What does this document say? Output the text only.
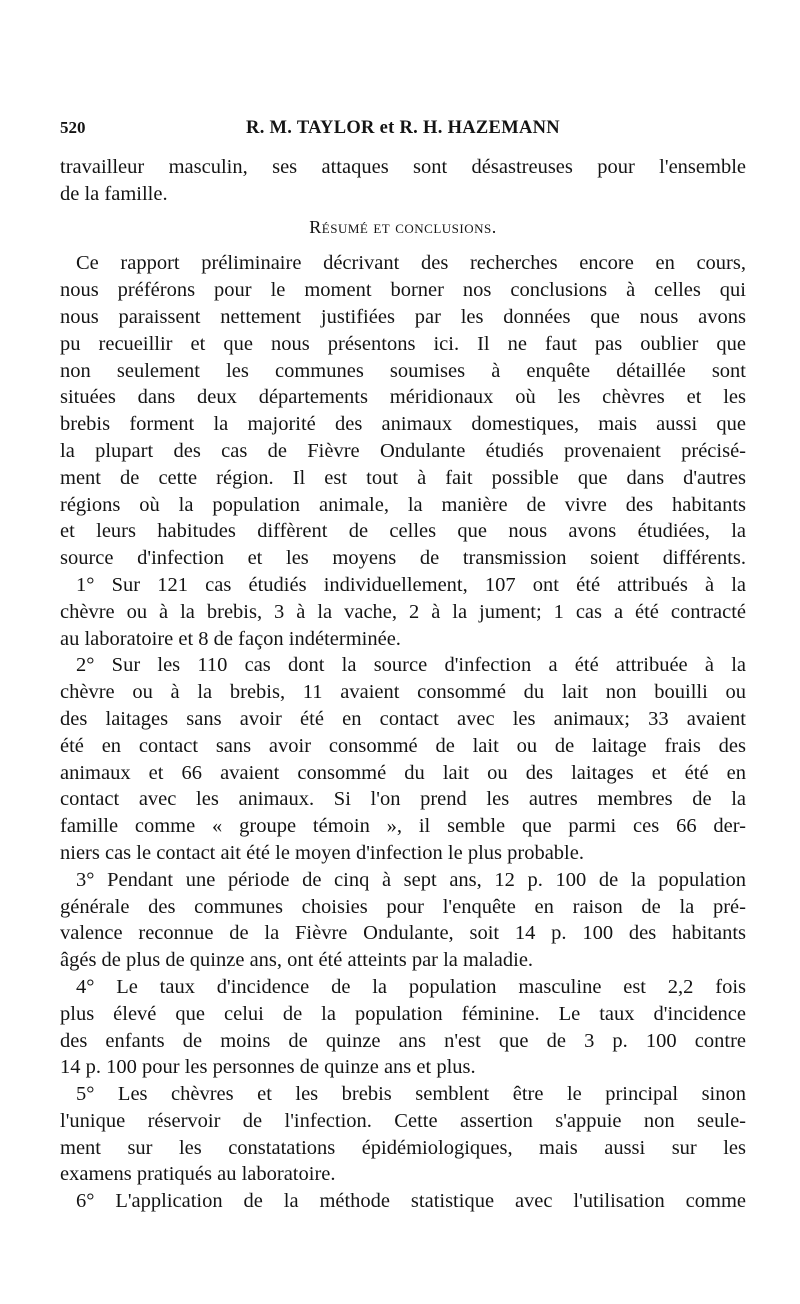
520	R. M. TAYLOR et R. H. HAZEMANN
travailleur masculin, ses attaques sont désastreuses pour l'ensemble
de la famille.
Résumé et conclusions.
Ce rapport préliminaire décrivant des recherches encore en cours,
nous préférons pour le moment borner nos conclusions à celles qui
nous paraissent nettement justifiées par les données que nous avons
pu recueillir et que nous présentons ici. Il ne faut pas oublier que
non seulement les communes soumises à enquête détaillée sont
situées dans deux départements méridionaux où les chèvres et les
brebis forment la majorité des animaux domestiques, mais aussi que
la plupart des cas de Fièvre Ondulante étudiés provenaient précisé-
ment de cette région. Il est tout à fait possible que dans d'autres
régions où la population animale, la manière de vivre des habitants
et leurs habitudes diffèrent de celles que nous avons étudiées, la
source d'infection et les moyens de transmission soient différents.
1° Sur 121 cas étudiés individuellement, 107 ont été attribués à la
chèvre ou à la brebis, 3 à la vache, 2 à la jument; 1 cas a été contracté
au laboratoire et 8 de façon indéterminée.
2° Sur les 110 cas dont la source d'infection a été attribuée à la
chèvre ou à la brebis, 11 avaient consommé du lait non bouilli ou
des laitages sans avoir été en contact avec les animaux; 33 avaient
été en contact sans avoir consommé de lait ou de laitage frais des
animaux et 66 avaient consommé du lait ou des laitages et été en
contact avec les animaux. Si l'on prend les autres membres de la
famille comme « groupe témoin », il semble que parmi ces 66 der-
niers cas le contact ait été le moyen d'infection le plus probable.
3° Pendant une période de cinq à sept ans, 12 p. 100 de la population
générale des communes choisies pour l'enquête en raison de la pré-
valence reconnue de la Fièvre Ondulante, soit 14 p. 100 des habitants
âgés de plus de quinze ans, ont été atteints par la maladie.
4° Le taux d'incidence de la population masculine est 2,2 fois
plus élevé que celui de la population féminine. Le taux d'incidence
des enfants de moins de quinze ans n'est que de 3 p. 100 contre
14 p. 100 pour les personnes de quinze ans et plus.
5° Les chèvres et les brebis semblent être le principal sinon
l'unique réservoir de l'infection. Cette assertion s'appuie non seule-
ment sur les constatations épidémiologiques, mais aussi sur les
examens pratiqués au laboratoire.
6° L'application de la méthode statistique avec l'utilisation comme
